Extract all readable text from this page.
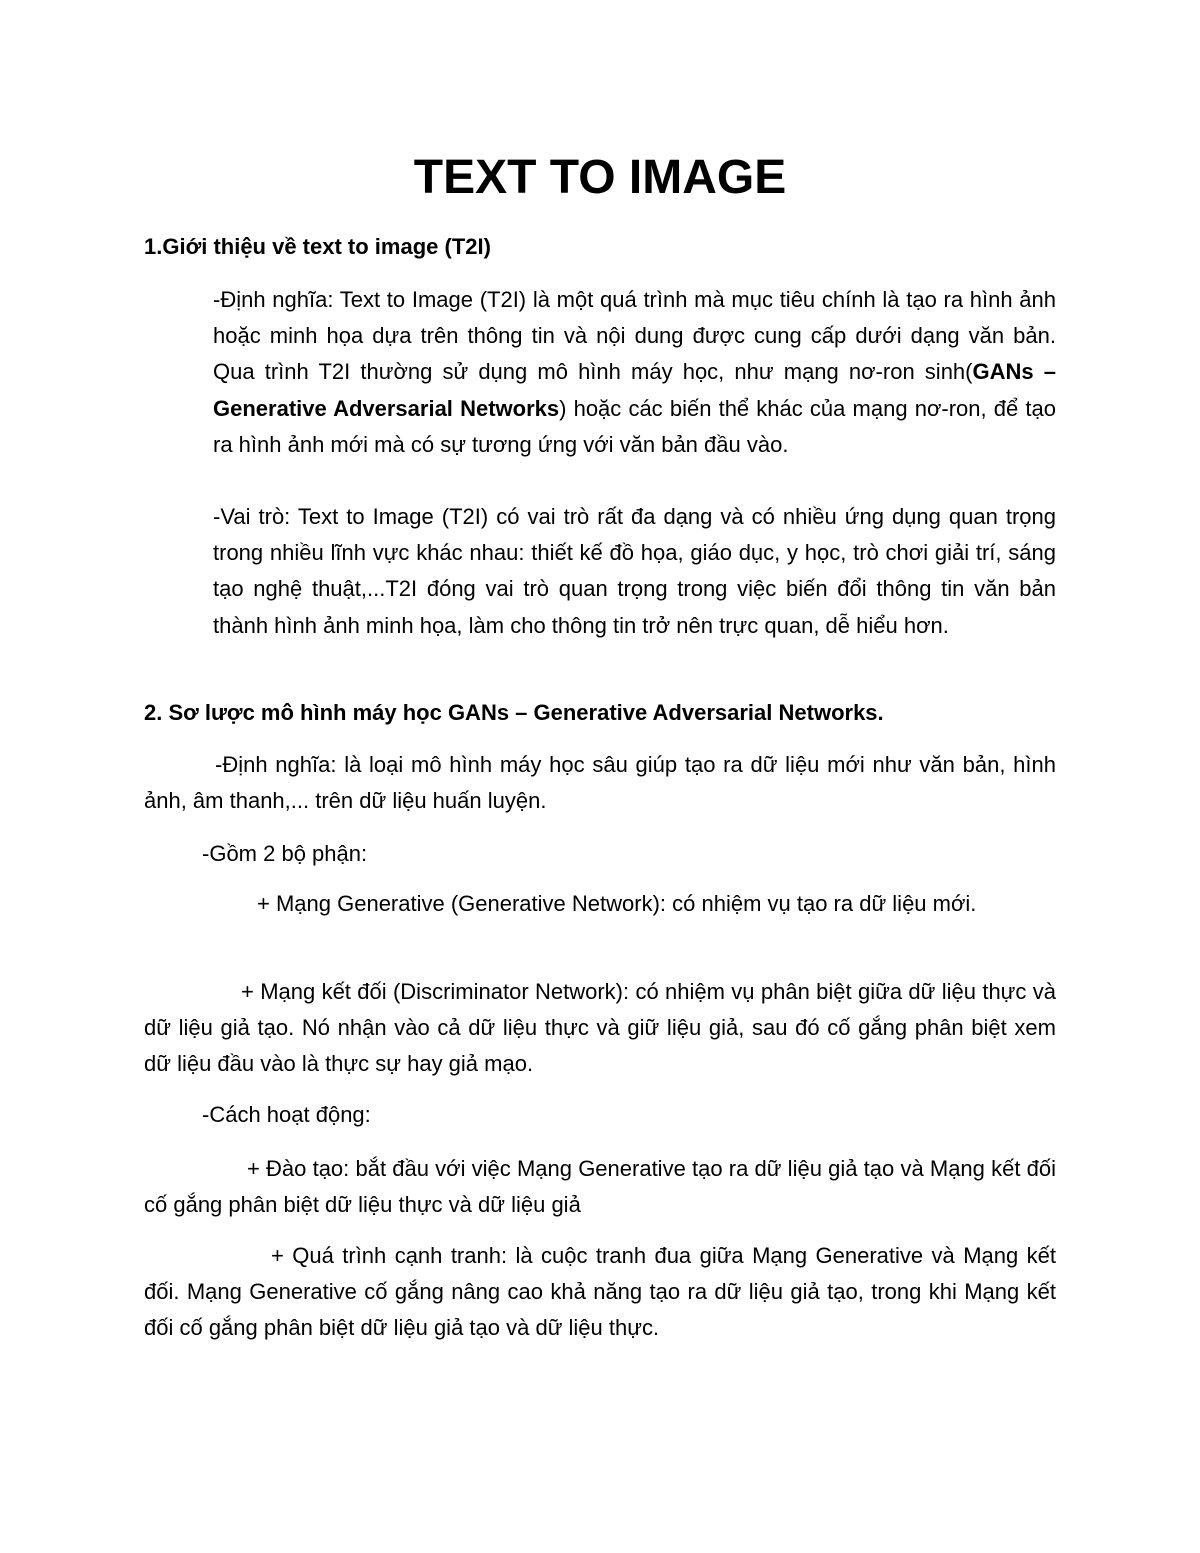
TEXT TO IMAGE
1.Giới thiệu về text to image (T2I)
-Định nghĩa: Text to Image (T2I) là một quá trình mà mục tiêu chính là tạo ra hình ảnh hoặc minh họa dựa trên thông tin và nội dung được cung cấp dưới dạng văn bản. Qua trình T2I thường sử dụng mô hình máy học, như mạng nơ-ron sinh(GANs – Generative Adversarial Networks) hoặc các biến thể khác của mạng nơ-ron, để tạo ra hình ảnh mới mà có sự tương ứng với văn bản đầu vào.
-Vai trò: Text to Image (T2I) có vai trò rất đa dạng và có nhiều ứng dụng quan trọng trong nhiều lĩnh vực khác nhau: thiết kế đồ họa, giáo dục, y học, trò chơi giải trí, sáng tạo nghệ thuật,...T2I đóng vai trò quan trọng trong việc biến đổi thông tin văn bản thành hình ảnh minh họa, làm cho thông tin trở nên trực quan, dễ hiểu hơn.
2. Sơ lược mô hình máy học GANs – Generative Adversarial Networks.
-Định nghĩa: là loại mô hình máy học sâu giúp tạo ra dữ liệu mới như văn bản, hình ảnh, âm thanh,... trên dữ liệu huấn luyện.
-Gồm 2 bộ phận:
+ Mạng Generative (Generative Network): có nhiệm vụ tạo ra dữ liệu mới.
+ Mạng kết đối (Discriminator Network): có nhiệm vụ phân biệt giữa dữ liệu thực và dữ liệu giả tạo. Nó nhận vào cả dữ liệu thực và giữ liệu giả, sau đó cố gắng phân biệt xem dữ liệu đầu vào là thực sự hay giả mạo.
-Cách hoạt động:
+ Đào tạo: bắt đầu với việc Mạng Generative tạo ra dữ liệu giả tạo và Mạng kết đối cố gắng phân biệt dữ liệu thực và dữ liệu giả
+ Quá trình cạnh tranh: là cuộc tranh đua giữa Mạng Generative và Mạng kết đối. Mạng Generative cố gắng nâng cao khả năng tạo ra dữ liệu giả tạo, trong khi Mạng kết đối cố gắng phân biệt dữ liệu giả tạo và dữ liệu thực.
